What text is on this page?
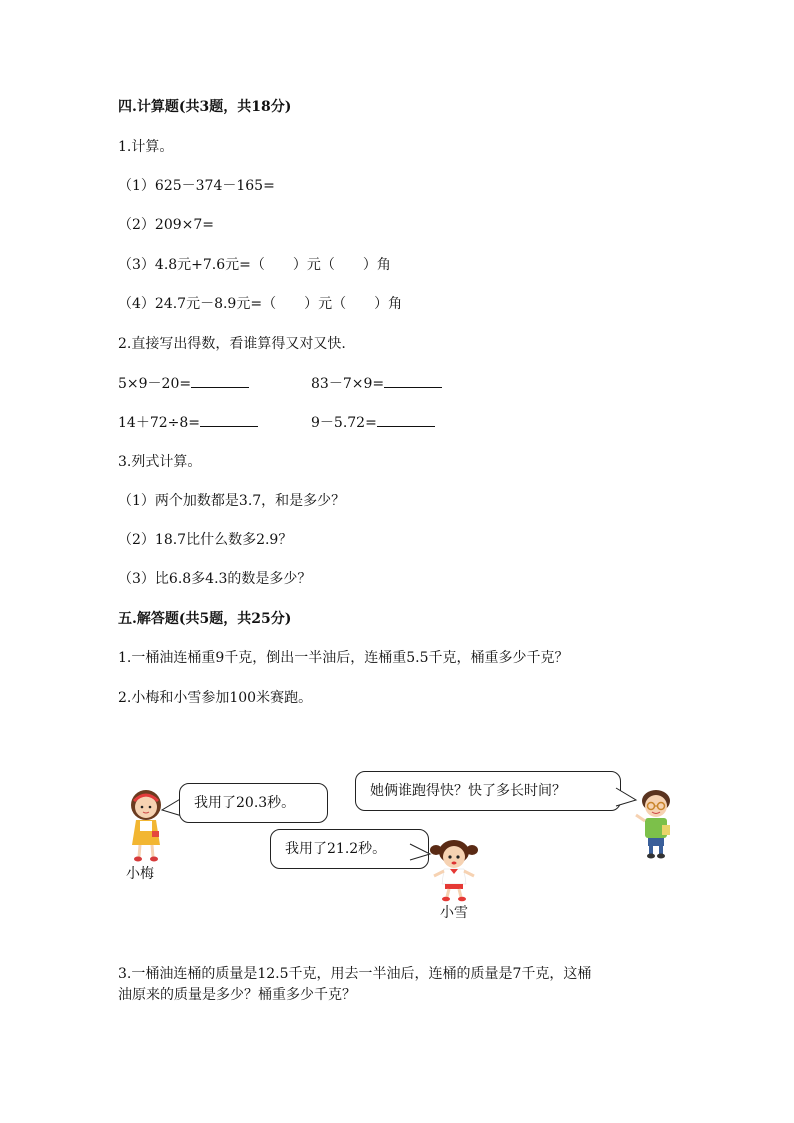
四.计算题(共3题，共18分)
1.计算。
（1）625－374－165=
（2）209×7=
（3）4.8元+7.6元=（　　）元（　　）角
（4）24.7元－8.9元=（　　）元（　　）角
2.直接写出得数，看谁算得又对又快.
5×9－20=	83－7×9=
14＋72÷8=	9－5.72=
3.列式计算。
（1）两个加数都是3.7，和是多少？
（2）18.7比什么数多2.9？
（3）比6.8多4.3的数是多少？
五.解答题(共5题，共25分)
1.一桶油连桶重9千克，倒出一半油后，连桶重5.5千克，桶重多少千克？
2.小梅和小雪参加100米赛跑。
小梅
我用了20.3秒。
她俩谁跑得快？快了多长时间？
我用了21.2秒。
小雪
3.一桶油连桶的质量是12.5千克，用去一半油后，连桶的质量是7千克，这桶
油原来的质量是多少？桶重多少千克？
